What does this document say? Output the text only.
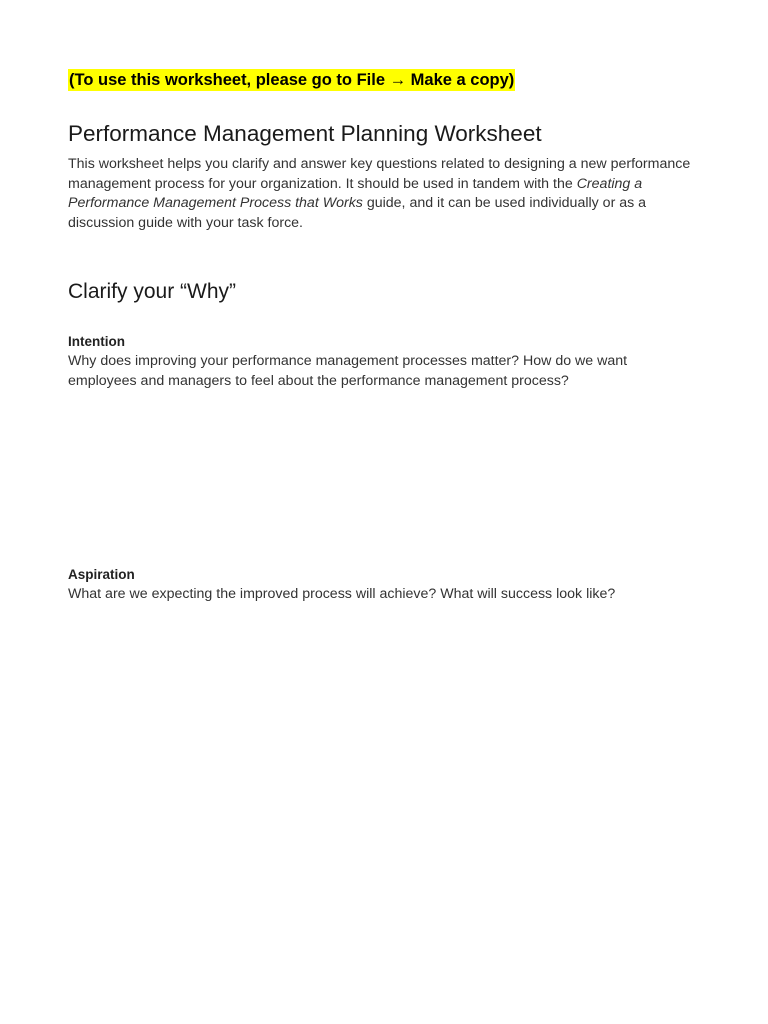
(To use this worksheet, please go to File → Make a copy)
Performance Management Planning Worksheet
This worksheet helps you clarify and answer key questions related to designing a new performance management process for your organization. It should be used in tandem with the Creating a Performance Management Process that Works guide, and it can be used individually or as a discussion guide with your task force.
Clarify your “Why”
Intention
Why does improving your performance management processes matter? How do we want employees and managers to feel about the performance management process?
Aspiration
What are we expecting the improved process will achieve? What will success look like?
